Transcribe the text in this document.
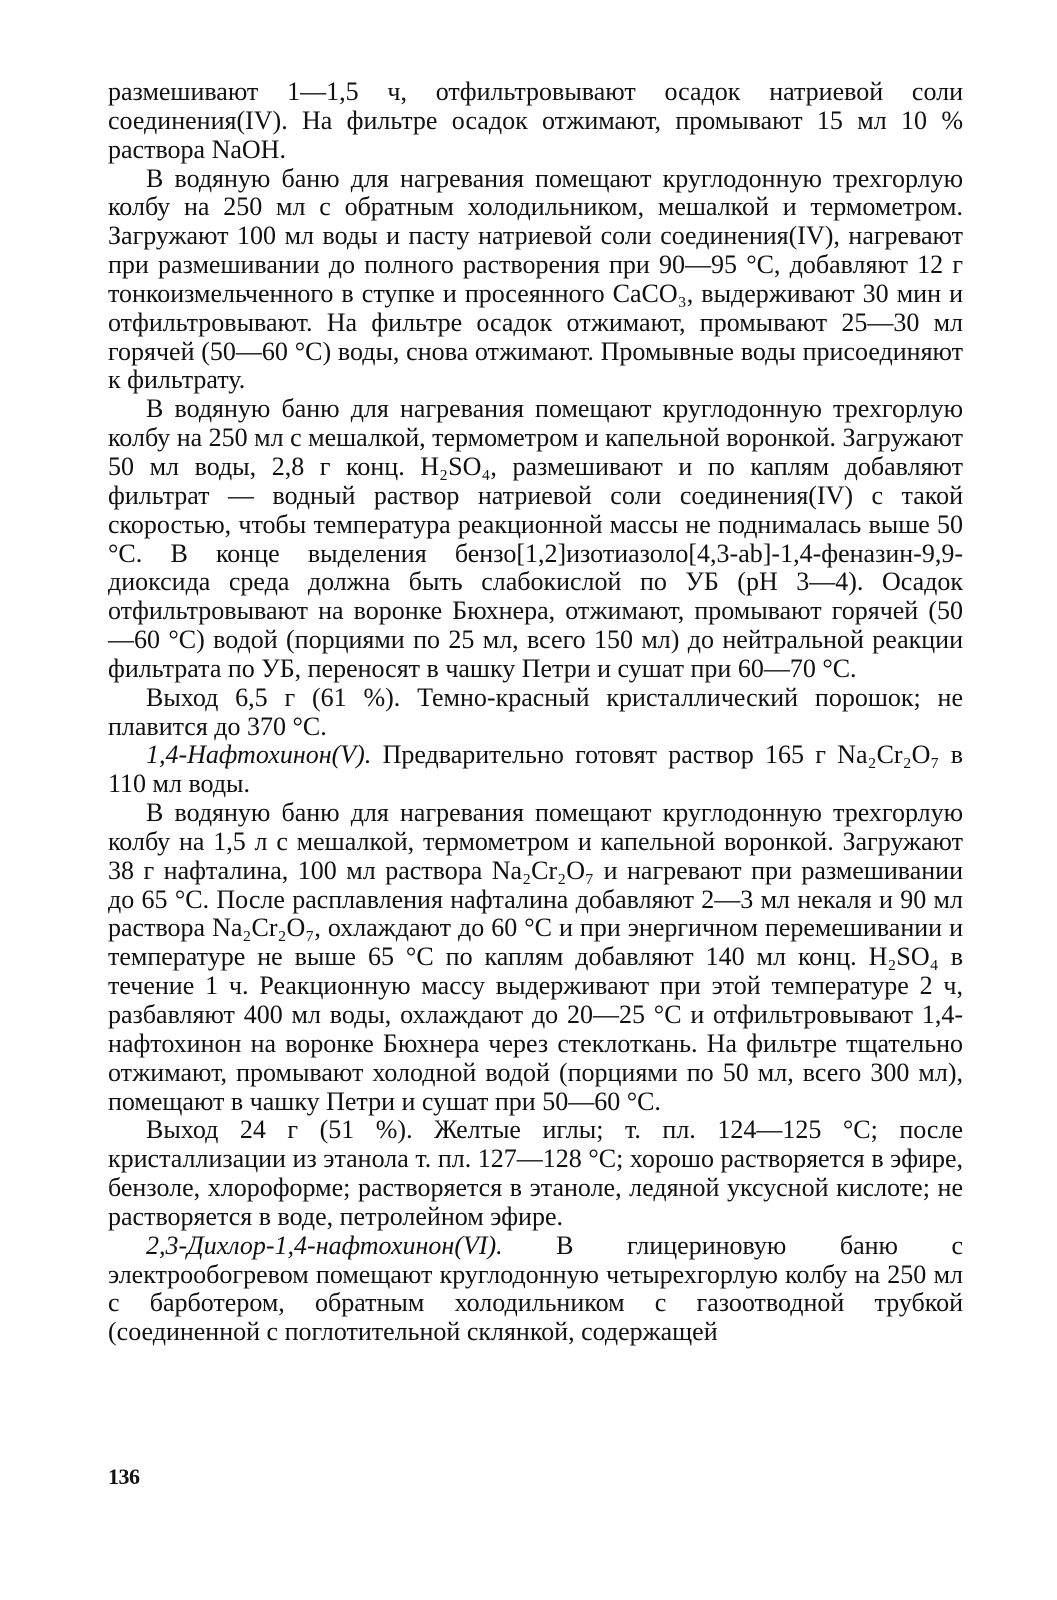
размешивают 1—1,5 ч, отфильтровывают осадок натриевой соли соединения(IV). На фильтре осадок отжимают, промывают 15 мл 10 % раствора NaOH.

В водяную баню для нагревания помещают круглодонную трехгорлую колбу на 250 мл с обратным холодильником, мешалкой и термометром. Загружают 100 мл воды и пасту натриевой соли соединения(IV), нагревают при размешивании до полного растворения при 90—95 °С, добавляют 12 г тонкоизмельченного в ступке и просеянного CaCO₃, выдерживают 30 мин и отфильтровывают. На фильтре осадок отжимают, промывают 25—30 мл горячей (50—60 °С) воды, снова отжимают. Промывные воды присоединяют к фильтрату.

В водяную баню для нагревания помещают круглодонную трехгорлую колбу на 250 мл с мешалкой, термометром и капельной воронкой. Загружают 50 мл воды, 2,8 г конц. H₂SO₄, размешивают и по каплям добавляют фильтрат — водный раствор натриевой соли соединения(IV) с такой скоростью, чтобы температура реакционной массы не поднималась выше 50 °С. В конце выделения бензо[1,2]изотиазоло[4,3-ab]-1,4-феназин-9,9-диоксида среда должна быть слабокислой по УБ (pH 3—4). Осадок отфильтровывают на воронке Бюхнера, отжимают, промывают горячей (50—60 °С) водой (порциями по 25 мл, всего 150 мл) до нейтральной реакции фильтрата по УБ, переносят в чашку Петри и сушат при 60—70 °С.

Выход 6,5 г (61 %). Темно-красный кристаллический порошок; не плавится до 370 °С.

1,4-Нафтохинон(V). Предварительно готовят раствор 165 г Na₂Cr₂O₇ в 110 мл воды.

В водяную баню для нагревания помещают круглодонную трехгорлую колбу на 1,5 л с мешалкой, термометром и капельной воронкой. Загружают 38 г нафталина, 100 мл раствора Na₂Cr₂O₇ и нагревают при размешивании до 65 °С. После расплавления нафталина добавляют 2—3 мл некаля и 90 мл раствора Na₂Cr₂O₇, охлаждают до 60 °С и при энергичном перемешивании и температуре не выше 65 °С по каплям добавляют 140 мл конц. H₂SO₄ в течение 1 ч. Реакционную массу выдерживают при этой температуре 2 ч, разбавляют 400 мл воды, охлаждают до 20—25 °С и отфильтровывают 1,4-нафтохинон на воронке Бюхнера через стеклоткань. На фильтре тщательно отжимают, промывают холодной водой (порциями по 50 мл, всего 300 мл), помещают в чашку Петри и сушат при 50—60 °С.

Выход 24 г (51 %). Желтые иглы; т. пл. 124—125 °С; после кристаллизации из этанола т. пл. 127—128 °С; хорошо растворяется в эфире, бензоле, хлороформе; растворяется в этаноле, ледяной уксусной кислоте; не растворяется в воде, петролейном эфире.

2,3-Дихлор-1,4-нафтохинон(VI). В глицериновую баню с электрообогревом помещают круглодонную четырехгорлую колбу на 250 мл с барботером, обратным холодильником с газоотводной трубкой (соединенной с поглотительной склянкой, содержащей

136
